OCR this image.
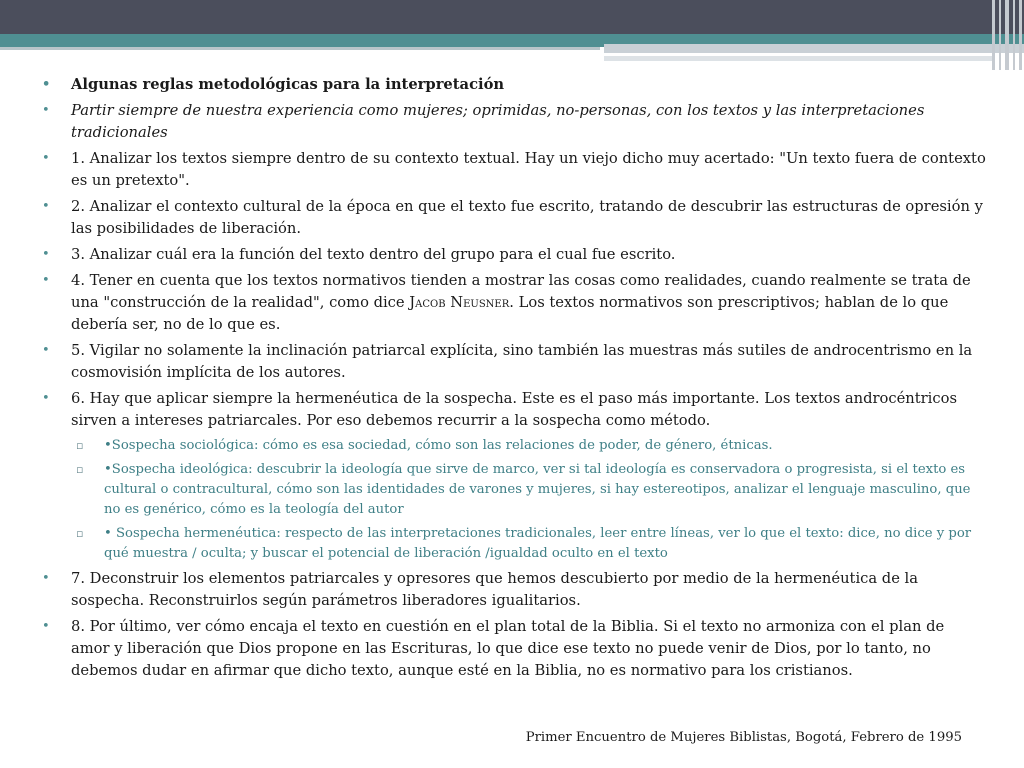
• Algunas reglas metodológicas para la interpretación
• Partir siempre de nuestra experiencia como mujeres; oprimidas, no-personas, con los textos y las interpretaciones tradicionales
• 1. Analizar los textos siempre dentro de su contexto textual. Hay un viejo dicho muy acertado: "Un texto fuera de contexto es un pretexto".
• 2. Analizar el contexto cultural de la época en que el texto fue escrito, tratando de descubrir las estructuras de opresión y las posibilidades de liberación.
• 3. Analizar cuál era la función del texto dentro del grupo para el cual fue escrito.
• 4. Tener en cuenta que los textos normativos tienden a mostrar las cosas como realidades, cuando realmente se trata de una "construcción de la realidad", como dice Jacob Neusner. Los textos normativos son prescriptivos; hablan de lo que debería ser, no de lo que es.
• 5. Vigilar no solamente la inclinación patriarcal explícita, sino también las muestras más sutiles de androcentrismo en la cosmovisión implícita de los autores.
• 6. Hay que aplicar siempre la hermenéutica de la sospecha. Este es el paso más importante. Los textos androcéntricos sirven a intereses patriarcales. Por eso debemos recurrir a la sospecha como método.
▫ •Sospecha sociológica: cómo es esa sociedad, cómo son las relaciones de poder, de género, étnicas.
▫ •Sospecha ideológica: descubrir la ideología que sirve de marco, ver si tal ideología es conservadora o progresista, si el texto es cultural o contracultural, cómo son las identidades de varones y mujeres, si hay estereotipos, analizar el lenguaje masculino, que no es genérico, cómo es la teología del autor
▫ • Sospecha hermenéutica: respecto de las interpretaciones tradicionales, leer entre líneas, ver lo que el texto: dice, no dice y por qué muestra / oculta; y buscar el potencial de liberación /igualdad oculto en el texto
• 7. Deconstruir los elementos patriarcales y opresores que hemos descubierto por medio de la hermenéutica de la sospecha. Reconstruirlos según parámetros liberadores igualitarios.
• 8. Por último, ver cómo encaja el texto en cuestión en el plan total de la Biblia. Si el texto no armoniza con el plan de amor y liberación que Dios propone en las Escrituras, lo que dice ese texto no puede venir de Dios, por lo tanto, no debemos dudar en afirmar que dicho texto, aunque esté en la Biblia, no es normativo para los cristianos.
Primer Encuentro de Mujeres Biblistas, Bogotá, Febrero de 1995
